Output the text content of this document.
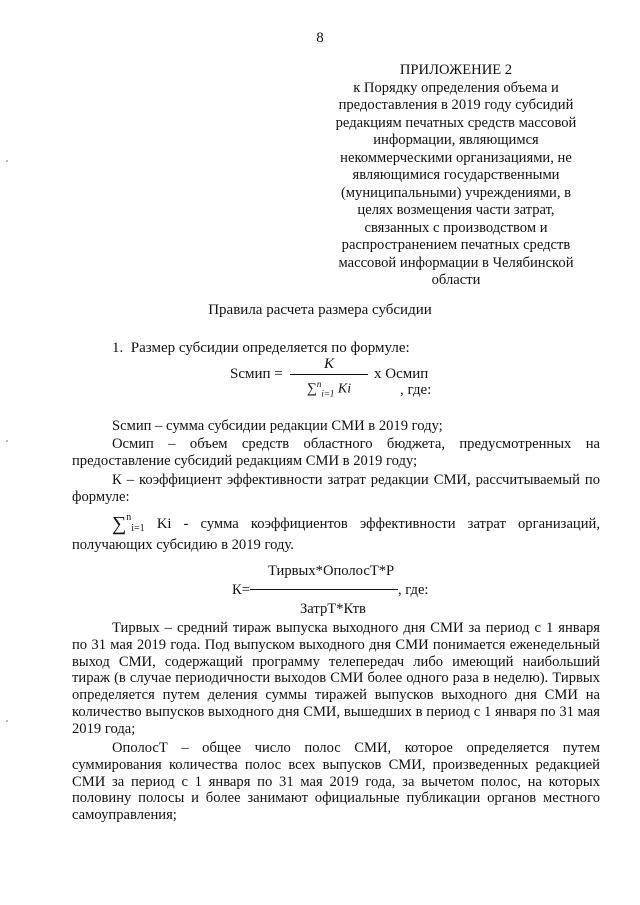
8
ПРИЛОЖЕНИЕ 2
к Порядку определения объема и
предоставления в 2019 году субсидий
редакциям печатных средств массовой
информации, являющимся
некоммерческими организациями, не
являющимися государственными
(муниципальными) учреждениями, в
целях возмещения части затрат,
связанных с производством и
распространением печатных средств
массовой информации в Челябинской
области
Правила расчета размера субсидии
1.  Размер субсидии определяется по формуле:
Sсмип =
K
∑$^n_{i=1}$ Ki
x Осмип
, где:
Sсмип – сумма субсидии редакции СМИ в 2019 году;
Осмип – объем средств областного бюджета, предусмотренных на предоставление субсидий редакциям СМИ в 2019 году;
К – коэффициент эффективности затрат редакции СМИ, рассчитываемый по формуле:
∑$^n_{i=1}$ Ki - сумма коэффициентов эффективности затрат организаций, получающих субсидию в 2019 году.
Тирвых*ОполосТ*Р
К=	, где:
ЗатрТ*Ктв
Тирвых – средний тираж выпуска выходного дня СМИ за период с 1 января по 31 мая 2019 года. Под выпуском выходного дня СМИ понимается еженедельный выход СМИ, содержащий программу телепередач либо имеющий наибольший тираж (в случае периодичности выходов СМИ более одного раза в неделю). Тирвых определяется путем деления суммы тиражей выпусков выходного дня СМИ на количество выпусков выходного дня СМИ, вышедших в период с 1 января по 31 мая 2019 года;
ОполосТ – общее число полос СМИ, которое определяется путем суммирования количества полос всех выпусков СМИ, произведенных редакцией СМИ за период с 1 января по 31 мая 2019 года, за вычетом полос, на которых половину полосы и более занимают официальные публикации органов местного самоуправления;
